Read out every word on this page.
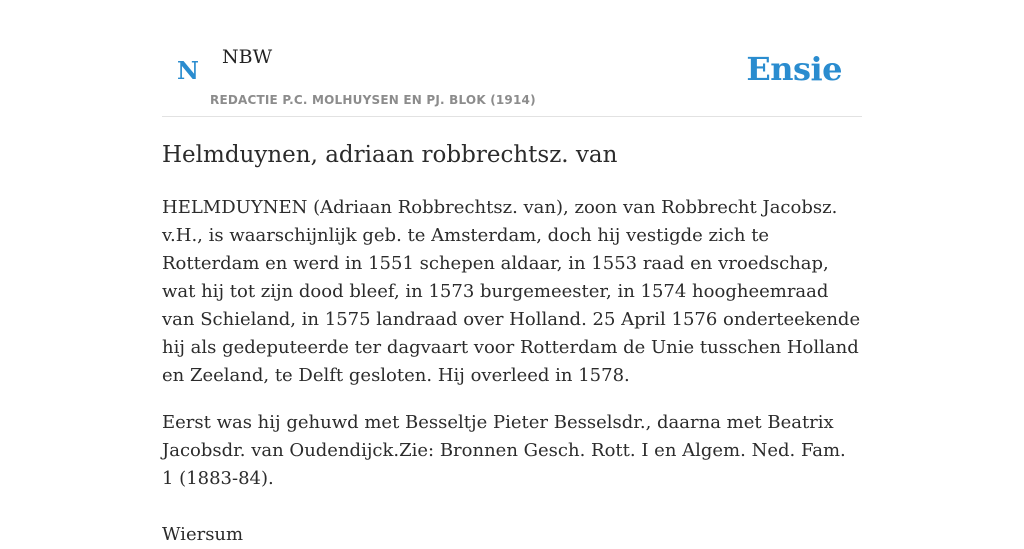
N NBW
REDACTIE P.C. MOLHUYSEN EN PJ. BLOK (1914)
Ensie
Helmduynen, adriaan robbrechtsz. van

HELMDUYNEN (Adriaan Robbrechtsz. van), zoon van Robbrecht Jacobsz. v.H., is waarschijnlijk geb. te Amsterdam, doch hij vestigde zich te Rotterdam en werd in 1551 schepen aldaar, in 1553 raad en vroedschap, wat hij tot zijn dood bleef, in 1573 burgemeester, in 1574 hoogheemraad van Schieland, in 1575 landraad over Holland. 25 April 1576 onderteekende hij als gedeputeerde ter dagvaart voor Rotterdam de Unie tusschen Holland en Zeeland, te Delft gesloten. Hij overleed in 1578.

Eerst was hij gehuwd met Besseltje Pieter Besselsdr., daarna met Beatrix Jacobsdr. van Oudendijck.Zie: Bronnen Gesch. Rott. I en Algem. Ned. Fam. 1 (1883-84).

Wiersum
